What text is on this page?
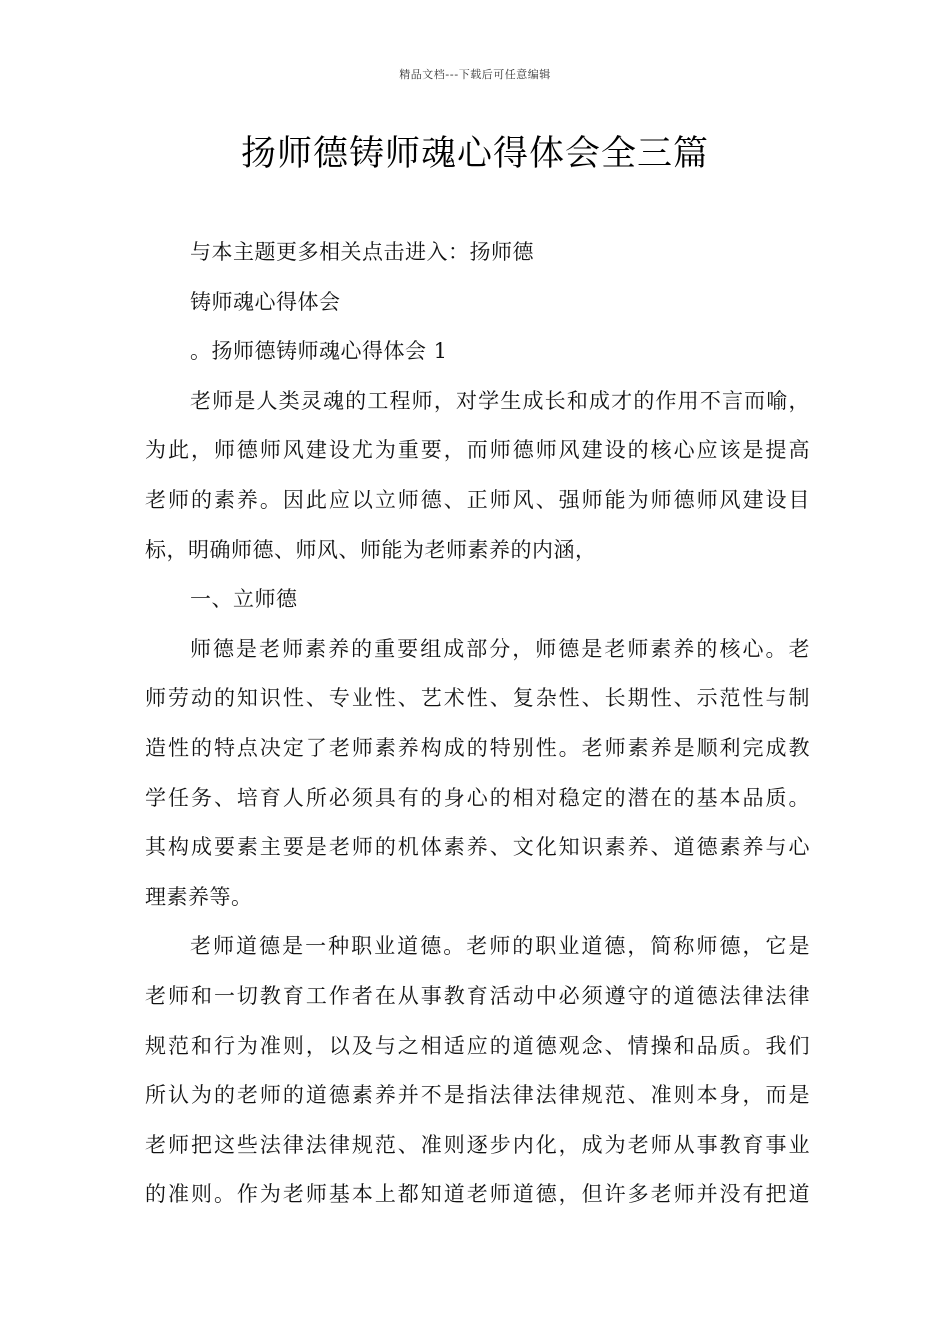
精品文档---下载后可任意编辑
扬师德铸师魂心得体会全三篇
与本主题更多相关点击进入：扬师德
铸师魂心得体会
。扬师德铸师魂心得体会 1
老师是人类灵魂的工程师，对学生成长和成才的作用不言而喻，
为此，师德师风建设尤为重要，而师德师风建设的核心应该是提高
老师的素养。因此应以立师德、正师风、强师能为师德师风建设目
标，明确师德、师风、师能为老师素养的内涵，
一、立师德
师德是老师素养的重要组成部分，师德是老师素养的核心。老
师劳动的知识性、专业性、艺术性、复杂性、长期性、示范性与制
造性的特点决定了老师素养构成的特别性。老师素养是顺利完成教
学任务、培育人所必须具有的身心的相对稳定的潜在的基本品质。
其构成要素主要是老师的机体素养、文化知识素养、道德素养与心
理素养等。
老师道德是一种职业道德。老师的职业道德，简称师德，它是
老师和一切教育工作者在从事教育活动中必须遵守的道德法律法律
规范和行为准则，以及与之相适应的道德观念、情操和品质。我们
所认为的老师的道德素养并不是指法律法律规范、准则本身，而是
老师把这些法律法律规范、准则逐步内化，成为老师从事教育事业
的准则。作为老师基本上都知道老师道德，但许多老师并没有把道
